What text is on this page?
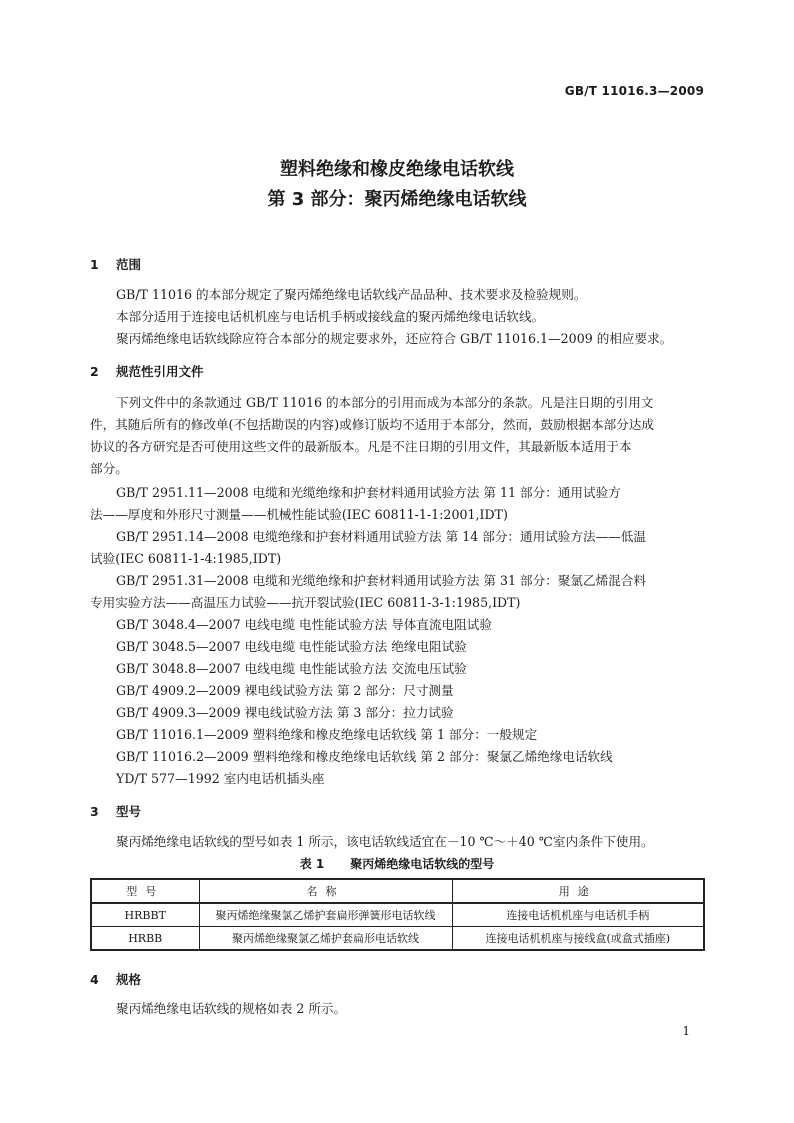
GB/T 11016.3—2009
塑料绝缘和橡皮绝缘电话软线
第 3 部分：聚丙烯绝缘电话软线
1 范围
GB/T 11016 的本部分规定了聚丙烯绝缘电话软线产品品种、技术要求及检验规则。
本部分适用于连接电话机机座与电话机手柄或接线盒的聚丙烯绝缘电话软线。
聚丙烯绝缘电话软线除应符合本部分的规定要求外，还应符合 GB/T 11016.1—2009 的相应要求。
2 规范性引用文件
下列文件中的条款通过 GB/T 11016 的本部分的引用而成为本部分的条款。凡是注日期的引用文
件，其随后所有的修改单(不包括勘误的内容)或修订版均不适用于本部分，然而，鼓励根据本部分达成
协议的各方研究是否可使用这些文件的最新版本。凡是不注日期的引用文件，其最新版本适用于本
部分。
GB/T 2951.11—2008 电缆和光缆绝缘和护套材料通用试验方法 第 11 部分：通用试验方
法——厚度和外形尺寸测量——机械性能试验(IEC 60811-1-1:2001,IDT)
GB/T 2951.14—2008 电缆绝缘和护套材料通用试验方法 第 14 部分：通用试验方法——低温
试验(IEC 60811-1-4:1985,IDT)
GB/T 2951.31—2008 电缆和光缆绝缘和护套材料通用试验方法 第 31 部分：聚氯乙烯混合料
专用实验方法——高温压力试验——抗开裂试验(IEC 60811-3-1:1985,IDT)
GB/T 3048.4—2007 电线电缆 电性能试验方法 导体直流电阻试验
GB/T 3048.5—2007 电线电缆 电性能试验方法 绝缘电阻试验
GB/T 3048.8—2007 电线电缆 电性能试验方法 交流电压试验
GB/T 4909.2—2009 裸电线试验方法 第 2 部分：尺寸测量
GB/T 4909.3—2009 裸电线试验方法 第 3 部分：拉力试验
GB/T 11016.1—2009 塑料绝缘和橡皮绝缘电话软线 第 1 部分：一般规定
GB/T 11016.2—2009 塑料绝缘和橡皮绝缘电话软线 第 2 部分：聚氯乙烯绝缘电话软线
YD/T 577—1992 室内电话机插头座
3 型号
聚丙烯绝缘电话软线的型号如表 1 所示，该电话软线适宜在－10 ℃～＋40 ℃室内条件下使用。
表 1 聚丙烯绝缘电话软线的型号
型号	名称	用途
HRBBT	聚丙烯绝缘聚氯乙烯护套扁形弹簧形电话软线	连接电话机机座与电话机手柄
HRBB	聚丙烯绝缘聚氯乙烯护套扁形电话软线	连接电话机机座与接线盒(或盒式插座)
4 规格
聚丙烯绝缘电话软线的规格如表 2 所示。
1
